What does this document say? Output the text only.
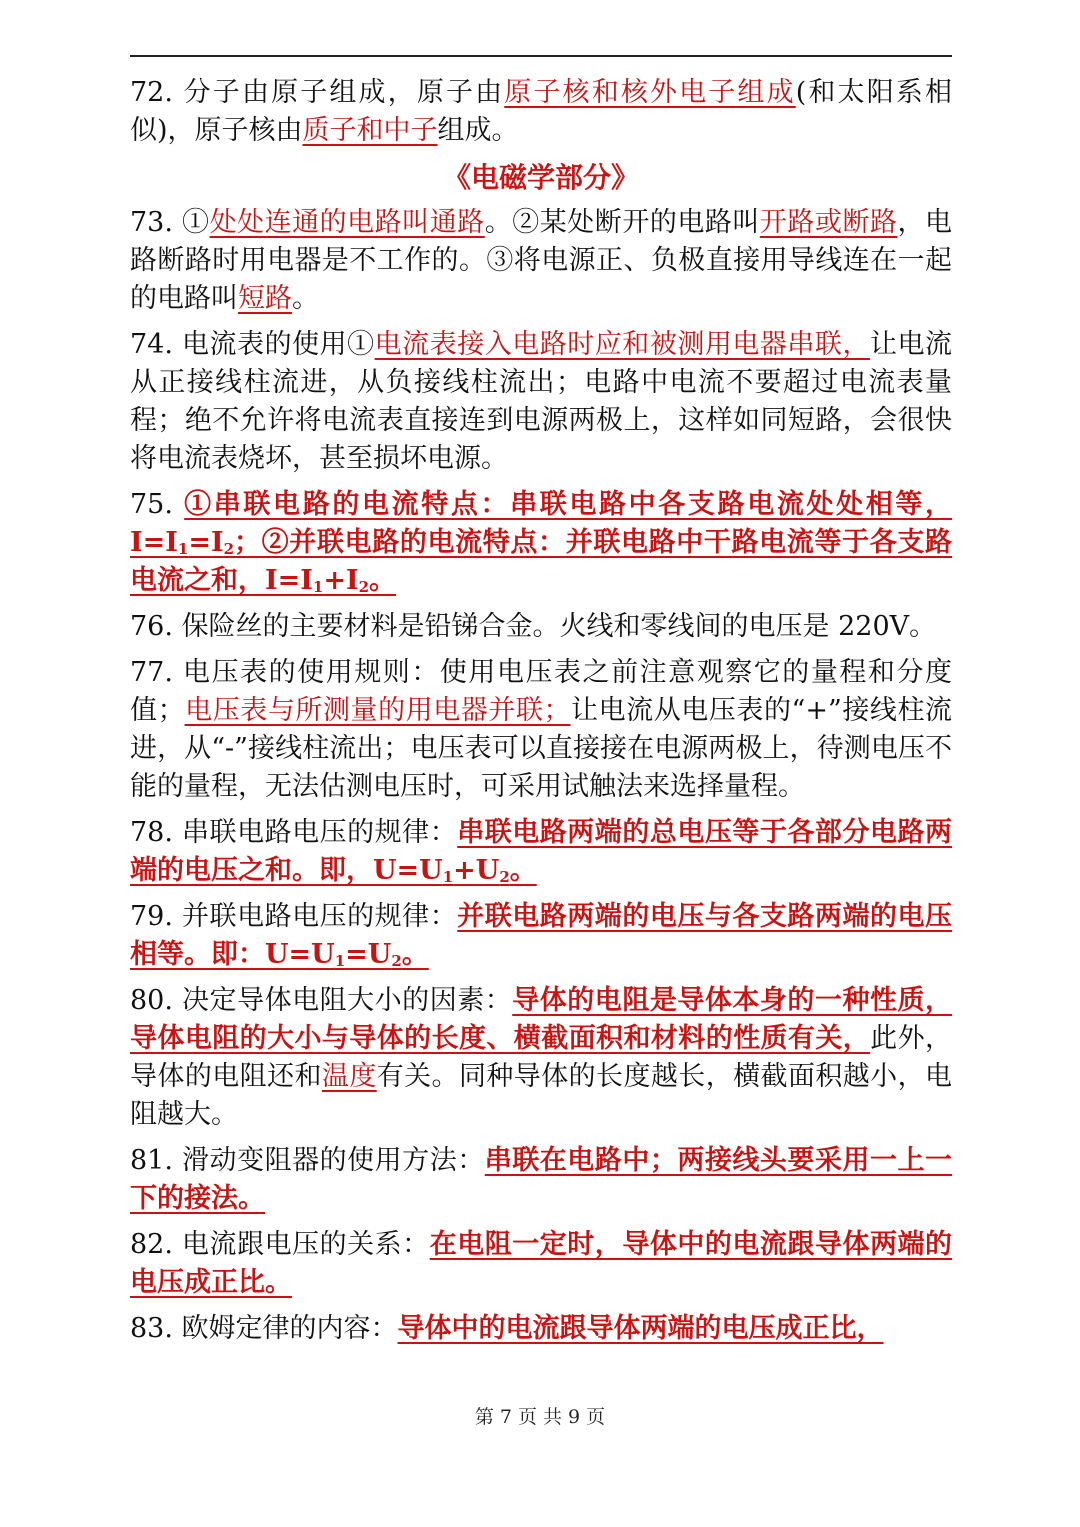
72. 分子由原子组成，原子由原子核和核外电子组成(和太阳系相似)，原子核由质子和中子组成。
《电磁学部分》
73. ①处处连通的电路叫通路。②某处断开的电路叫开路或断路，电路断路时用电器是不工作的。③将电源正、负极直接用导线连在一起的电路叫短路。
74. 电流表的使用①电流表接入电路时应和被测用电器串联，让电流从正接线柱流进，从负接线柱流出；电路中电流不要超过电流表量程；绝不允许将电流表直接连到电源两极上，这样如同短路，会很快将电流表烧坏，甚至损坏电源。
75. ①串联电路的电流特点：串联电路中各支路电流处处相等，$I=I_1=I_2$；②并联电路的电流特点：并联电路中干路电流等于各支路电流之和，$I=I_1+I_2$。
76. 保险丝的主要材料是铅锑合金。火线和零线间的电压是 220V。
77. 电压表的使用规则：使用电压表之前注意观察它的量程和分度值；电压表与所测量的用电器并联；让电流从电压表的“+”接线柱流进，从“-”接线柱流出；电压表可以直接接在电源两极上，待测电压不能的量程，无法估测电压时，可采用试触法来选择量程。
78. 串联电路电压的规律：串联电路两端的总电压等于各部分电路两端的电压之和。即，$U=U_1+U_2$。
79. 并联电路电压的规律：并联电路两端的电压与各支路两端的电压相等。即：$U=U_1=U_2$。
80. 决定导体电阻大小的因素：导体的电阻是导体本身的一种性质，导体电阻的大小与导体的长度、横截面积和材料的性质有关，此外，导体的电阻还和温度有关。同种导体的长度越长，横截面积越小，电阻越大。
81. 滑动变阻器的使用方法：串联在电路中；两接线头要采用一上一下的接法。
82. 电流跟电压的关系：在电阻一定时，导体中的电流跟导体两端的电压成正比。
83. 欧姆定律的内容：导体中的电流跟导体两端的电压成正比，
第 7 页 共 9 页
